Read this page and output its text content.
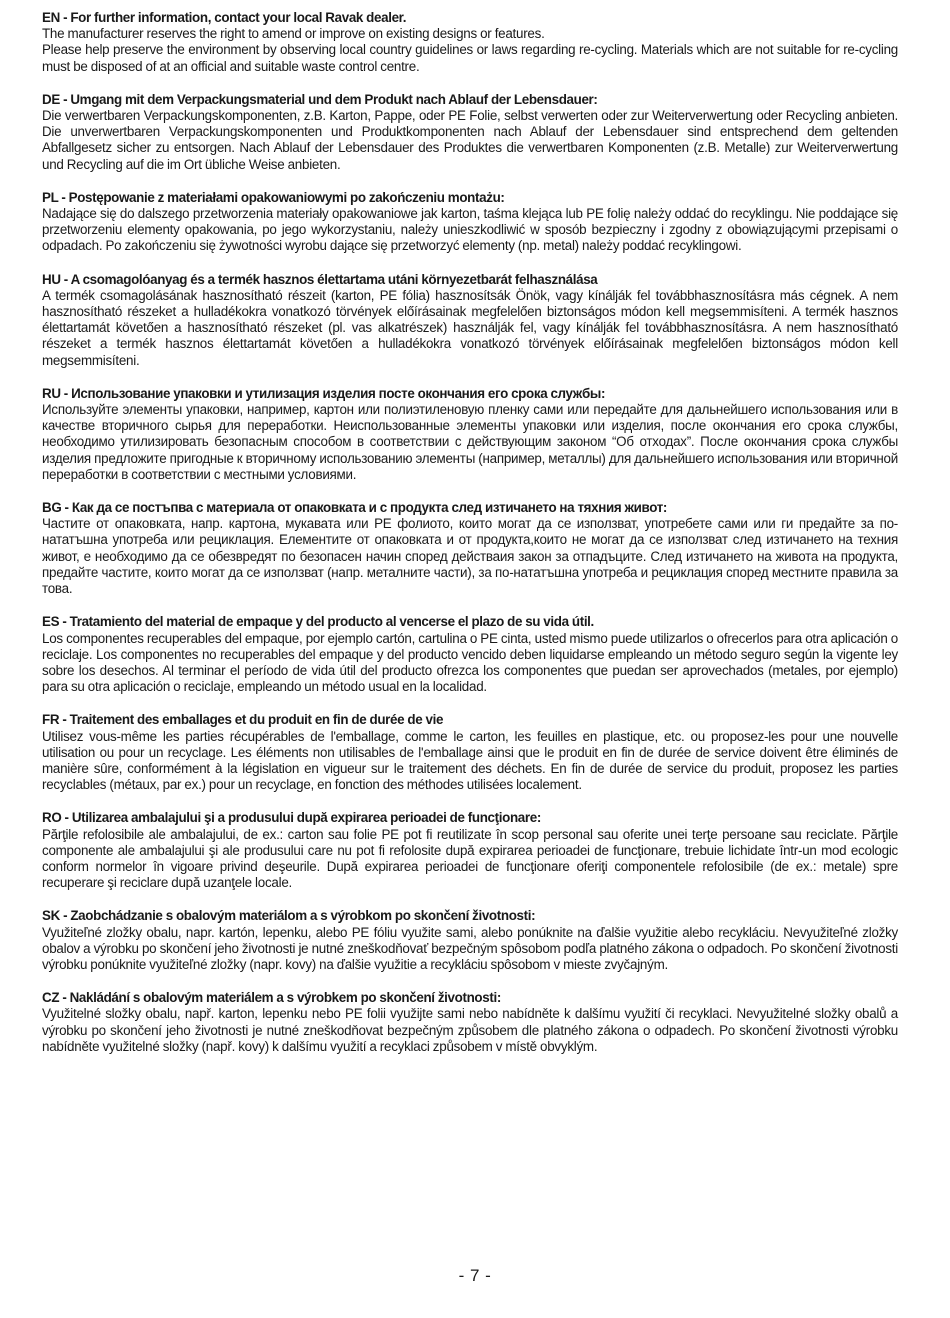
EN - For further information, contact your local Ravak dealer.
The manufacturer reserves the right to amend or improve on existing designs or features.
Please help preserve the environment by observing local country guidelines or laws regarding re-cycling. Materials which are not suitable for re-cycling must be disposed of at an official and suitable waste control centre.
DE - Umgang mit dem Verpackungsmaterial und dem Produkt nach Ablauf der Lebensdauer:
Die verwertbaren Verpackungskomponenten, z.B. Karton, Pappe, oder PE Folie, selbst verwerten oder zur Weiterverwertung oder Recycling anbieten. Die unverwertbaren Verpackungskomponenten und Produktkomponenten nach Ablauf der Lebensdauer sind entsprechend dem geltenden Abfallgesetz sicher zu entsorgen. Nach Ablauf der Lebensdauer des Produktes die verwertbaren Komponenten (z.B. Metalle) zur Weiterverwertung und Recycling auf die im Ort übliche Weise anbieten.
PL - Postępowanie z materiałami opakowaniowymi po zakończeniu montażu:
Nadające się do dalszego przetworzenia materiały opakowaniowe jak karton, taśma klejąca lub PE folię należy oddać do recyklingu. Nie poddające się przetworzeniu elementy opakowania, po jego wykorzystaniu, należy unieszkodliwić w sposób bezpieczny i zgodny z obowiązującymi przepisami o odpadach. Po zakończeniu się żywotności wyrobu dające się przetworzyć elementy (np. metal) należy poddać recyklingowi.
HU - A csomagolóanyag és a termék hasznos élettartama utáni környezetbarát felhasználása
A termék csomagolásának hasznosítható részeit (karton, PE fólia) hasznosítsák Önök, vagy kínálják fel továbbhasznosításra más cégnek. A nem hasznosítható részeket a hulladékokra vonatkozó törvények előírásainak megfelelően biztonságos módon kell megsemmisíteni. A termék hasznos élettartamát követően a hasznosítható részeket (pl. vas alkatrészek) használják fel, vagy kínálják fel továbbhasznosításra. A nem hasznosítható részeket a termék hasznos élettartamát követően a hulladékokra vonatkozó törvények előírásainak megfelelően biztonságos módon kell megsemmisíteni.
RU - Использование упаковки и утилизация изделия посте окончания его срока службы:
Используйте элементы упаковки, например, картон или полиэтиленовую пленку сами или передайте для дальнейшего использования или в качестве вторичного сырья для переработки. Неиспользованные элементы упаковки или изделия, после окончания его срока службы, необходимо утилизировать безопасным способом в соответствии с действующим законом “Об отходах”. После окончания срока службы изделия предложите пригодные к вторичному использованию элементы (например, металлы) для дальнейшего использования или вторичной переработки в соответствии с местными условиями.
BG - Как да се постъпва с материала от опаковката и с продукта след изтичането на тяхния живот:
Частите от опаковката, напр. картона, мукавата или PE фолиото, които могат да се използват, употребете сами или ги предайте за по-нататъшна употреба или рециклация. Елементите от опаковката и от продукта,които не могат да се използват след изтичането на техния живот, е необходимо да се обезвредят по безопасен начин според действаия закон за отпадъците. След изтичането на живота на продукта, предайте частите, които могат да се използват (напр. металните части), за по-нататъшна употреба и рециклация според местните правила за това.
ES - Tratamiento del material de empaque y del producto al vencerse el plazo de su vida útil.
Los componentes recuperables del empaque, por ejemplo cartón, cartulina o PE cinta, usted mismo puede utilizarlos o ofrecerlos para otra aplicación o reciclaje. Los componentes no recuperables del empaque y del producto vencido deben liquidarse empleando un método seguro según la vigente ley sobre los desechos. Al terminar el período de vida útil del producto ofrezca los componentes que puedan ser aprovechados (metales, por ejemplo) para su otra aplicación o reciclaje, empleando un método usual en la localidad.
FR - Traitement des emballages et du produit en fin de durée de vie
Utilisez vous-même les parties récupérables de l'emballage, comme le carton, les feuilles en plastique, etc. ou proposez-les pour une nouvelle utilisation ou pour un recyclage. Les éléments non utilisables de l'emballage ainsi que le produit en fin de durée de service doivent être éliminés de manière sûre, conformément à la législation en vigueur sur le traitement des déchets. En fin de durée de service du produit, proposez les parties recyclables (métaux, par ex.) pour un recyclage, en fonction des méthodes utilisées localement.
RO - Utilizarea ambalajului şi a produsului după expirarea perioadei de funcţionare:
Părţile refolosibile ale ambalajului, de ex.: carton sau folie PE pot fi reutilizate în scop personal sau oferite unei terţe persoane sau reciclate. Părţile componente ale ambalajului şi ale produsului care nu pot fi refolosite după expirarea perioadei de funcţionare, trebuie lichidate într-un mod ecologic conform normelor în vigoare privind deşeurile. După expirarea perioadei de funcţionare oferiţi componentele refolosibile (de ex.: metale) spre recuperare şi reciclare după uzanţele locale.
SK - Zaobchádzanie s obalovým materiálom a s výrobkom po skončení životnosti:
Využiteľné zložky obalu, napr. kartón, lepenku, alebo PE fóliu využite sami, alebo ponúknite na ďalšie využitie alebo recykláciu. Nevyužiteľné zložky obalov a výrobku po skončení jeho životnosti je nutné zneškodňovať bezpečným spôsobom podľa platného zákona o odpadoch. Po skončení životnosti výrobku ponúknite využiteľné zložky (napr. kovy) na ďalšie využitie a recykláciu spôsobom v mieste zvyčajným.
CZ - Nakládání s obalovým materiálem a s výrobkem po skončení životnosti:
Využitelné složky obalu, např. karton, lepenku nebo PE folii využijte sami nebo nabídněte k dalšímu využití či recyklaci. Nevyužitelné složky obalů a výrobku po skončení jeho životnosti je nutné zneškodňovat bezpečným způsobem dle platného zákona o odpadech. Po skončení životnosti výrobku nabídněte využitelné složky (např. kovy) k dalšímu využití a recyklaci způsobem v místě obvyklým.
- 7 -
